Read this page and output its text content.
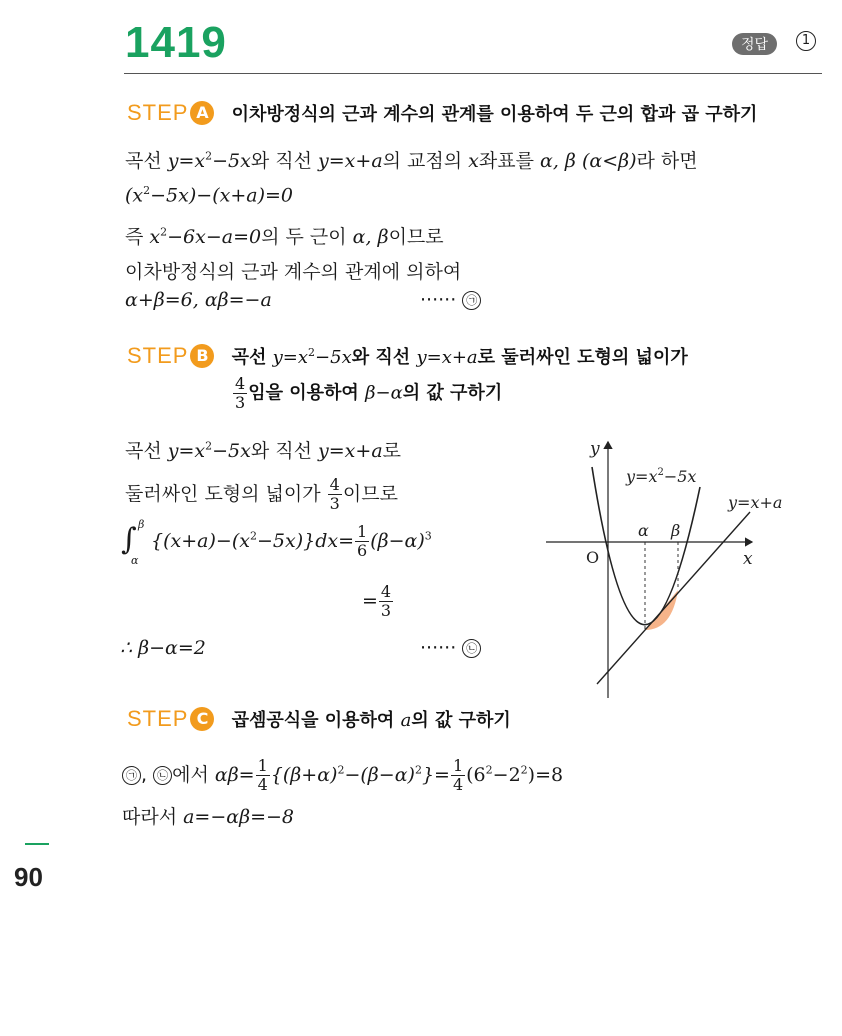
1419	정답	1
STEP A 이차방정식의 근과 계수의 관계를 이용하여 두 근의 합과 곱 구하기
곡선 $y=x^2-5x$와 직선 y=x+a의 교점의 x좌표를 α, β (α<β)라 하면
$(x^2-5x)-(x+a)=0$
즉 $x^2-6x-a=0$의 두 근이 α, β이므로
이차방정식의 근과 계수의 관계에 의하여
α+β=6, αβ=−a	······ ㉠
STEP B 곡선 $y=x^2-5x$와 직선 y=x+a로 둘러싸인 도형의 넓이가
$\frac{4}{3}$ 임을 이용하여 β−α의 값 구하기
곡선 $y=x^2-5x$와 직선 y=x+a로
둘러싸인 도형의 넓이가 $\frac{4}{3}$ 이므로
∫ β
α
$\{(x+a)-(x^2-5x)\}dx= \frac{1}{6} (\beta-\alpha)^3$
= $\frac{4}{3}$
∴ β−α=2	······ ㉡
y
x
O
α β
$y=x^2-5x$
y=x+a
STEP C 곱셈공식을 이용하여 a의 값 구하기
㉠ , ㉡ 에서 $\alpha\beta= \frac{1}{4} \{(\beta+\alpha)^2-(\beta-\alpha)^2\}= \frac{1}{4} (6^2-2^2)=8$
따라서 a=−αβ=−8
90
